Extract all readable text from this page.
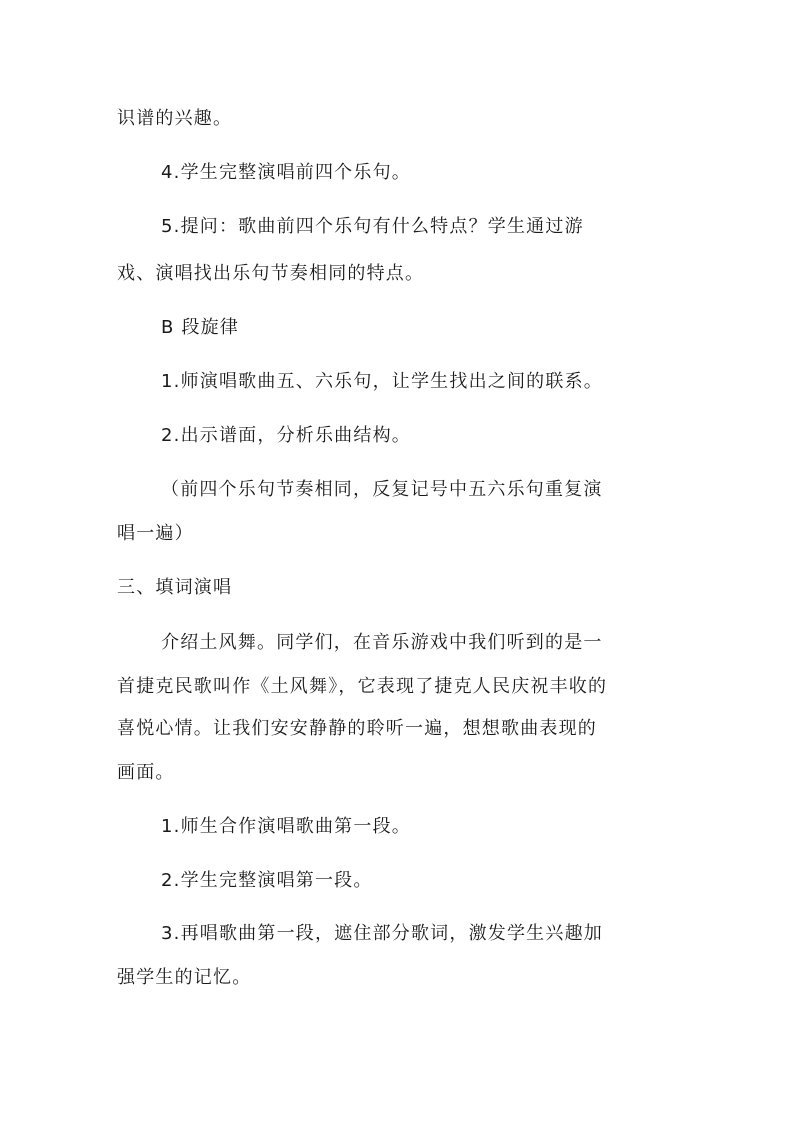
识谱的兴趣。

4.学生完整演唱前四个乐句。

5.提问：歌曲前四个乐句有什么特点？学生通过游

戏、演唱找出乐句节奏相同的特点。

B 段旋律

1.师演唱歌曲五、六乐句，让学生找出之间的联系。

2.出示谱面，分析乐曲结构。

（前四个乐句节奏相同，反复记号中五六乐句重复演

唱一遍）

三、填词演唱

介绍土风舞。同学们，在音乐游戏中我们听到的是一

首捷克民歌叫作《土风舞》，它表现了捷克人民庆祝丰收的

喜悦心情。让我们安安静静的聆听一遍，想想歌曲表现的

画面。

1.师生合作演唱歌曲第一段。

2.学生完整演唱第一段。

3.再唱歌曲第一段，遮住部分歌词，激发学生兴趣加

强学生的记忆。
